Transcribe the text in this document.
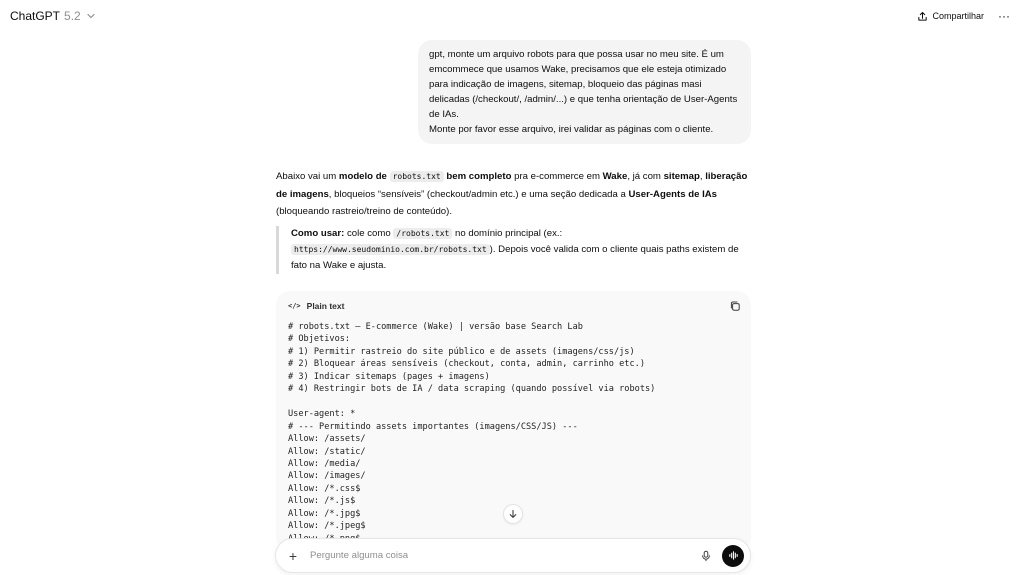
ChatGPT 5.2	Compartilhar ···
gpt, monte um arquivo robots para que possa usar no meu site. É um emcommece que usamos Wake, precisamos que ele esteja otimizado para indicação de imagens, sitemap, bloqueio das páginas masi delicadas (/checkout/, /admin/...) e que tenha orientação de User-Agents de IAs.
Monte por favor esse arquivo, irei validar as páginas com o cliente.
Abaixo vai um modelo de robots.txt bem completo pra e-commerce em Wake, já com sitemap, liberação de imagens, bloqueios “sensíveis” (checkout/admin etc.) e uma seção dedicada a User-Agents de IAs (bloqueando rastreio/treino de conteúdo).
Como usar: cole como /robots.txt no domínio principal (ex.: https://www.seudominio.com.br/robots.txt ). Depois você valida com o cliente quais paths existem de fato na Wake e ajusta.
</> Plain text
# robots.txt — E-commerce (Wake) | versão base Search Lab
# Objetivos:
# 1) Permitir rastreio do site público e de assets (imagens/css/js)
# 2) Bloquear áreas sensíveis (checkout, conta, admin, carrinho etc.)
# 3) Indicar sitemaps (pages + imagens)
# 4) Restringir bots de IA / data scraping (quando possível via robots)

User-agent: *
# --- Permitindo assets importantes (imagens/CSS/JS) ---
Allow: /assets/
Allow: /static/
Allow: /media/
Allow: /images/
Allow: /*.css$
Allow: /*.js$
Allow: /*.jpg$
Allow: /*.jpeg$
+
Pergunte alguma coisa
